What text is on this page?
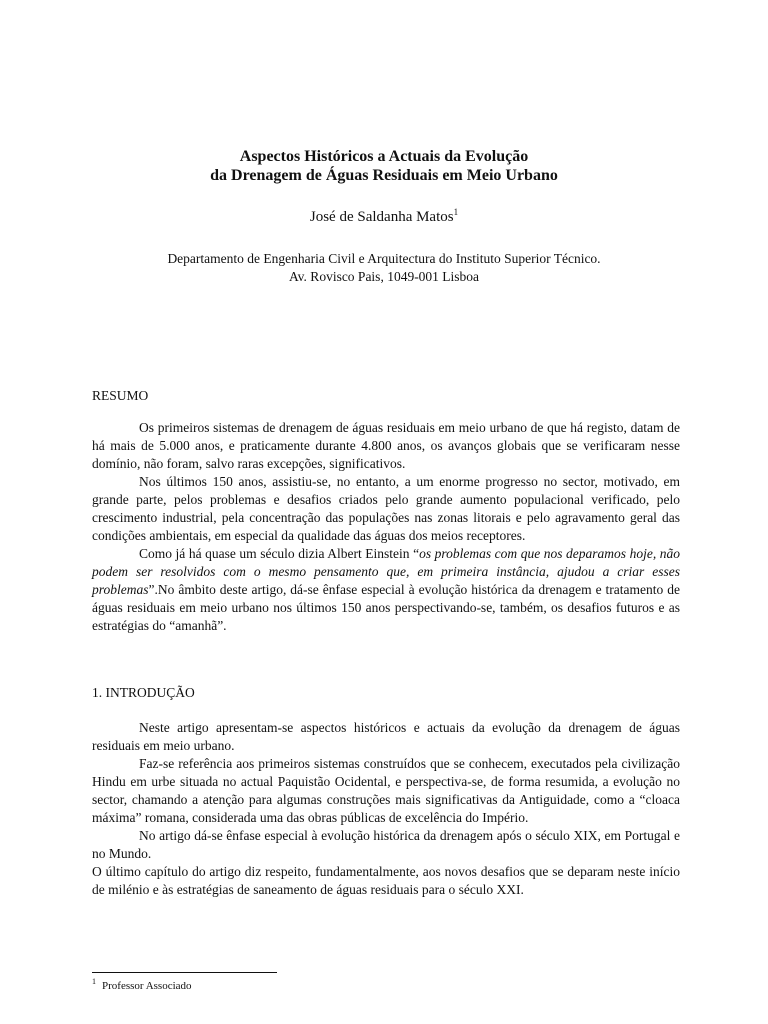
Aspectos Históricos a Actuais da Evolução
da Drenagem de Águas Residuais em Meio Urbano
José de Saldanha Matos$^1$
Departamento de Engenharia Civil e Arquitectura do Instituto Superior Técnico.
Av. Rovisco Pais, 1049-001 Lisboa
RESUMO

Os primeiros sistemas de drenagem de águas residuais em meio urbano de que há registo, datam de há mais de 5.000 anos, e praticamente durante 4.800 anos, os avanços globais que se verificaram nesse domínio, não foram, salvo raras excepções, significativos.

Nos últimos 150 anos, assistiu-se, no entanto, a um enorme progresso no sector, motivado, em grande parte, pelos problemas e desafios criados pelo grande aumento populacional verificado, pelo crescimento industrial, pela concentração das populações nas zonas litorais e pelo agravamento geral das condições ambientais, em especial da qualidade das águas dos meios receptores.

Como já há quase um século dizia Albert Einstein “os problemas com que nos deparamos hoje, não podem ser resolvidos com o mesmo pensamento que, em primeira instância, ajudou a criar esses problemas”.No âmbito deste artigo, dá-se ênfase especial à evolução histórica da drenagem e tratamento de águas residuais em meio urbano nos últimos 150 anos perspectivando-se, também, os desafios futuros e as estratégias do “amanhã”.

1. INTRODUÇÃO

Neste artigo apresentam-se aspectos históricos e actuais da evolução da drenagem de águas residuais em meio urbano.

Faz-se referência aos primeiros sistemas construídos que se conhecem, executados pela civilização Hindu em urbe situada no actual Paquistão Ocidental, e perspectiva-se, de forma resumida, a evolução no sector, chamando a atenção para algumas construções mais significativas da Antiguidade, como a “cloaca máxima” romana, considerada uma das obras públicas de excelência do Império.

No artigo dá-se ênfase especial à evolução histórica da drenagem após o século XIX, em Portugal e no Mundo.

O último capítulo do artigo diz respeito, fundamentalmente, aos novos desafios que se deparam neste início de milénio e às estratégias de saneamento de águas residuais para o século XXI.

$^1$ Professor Associado
